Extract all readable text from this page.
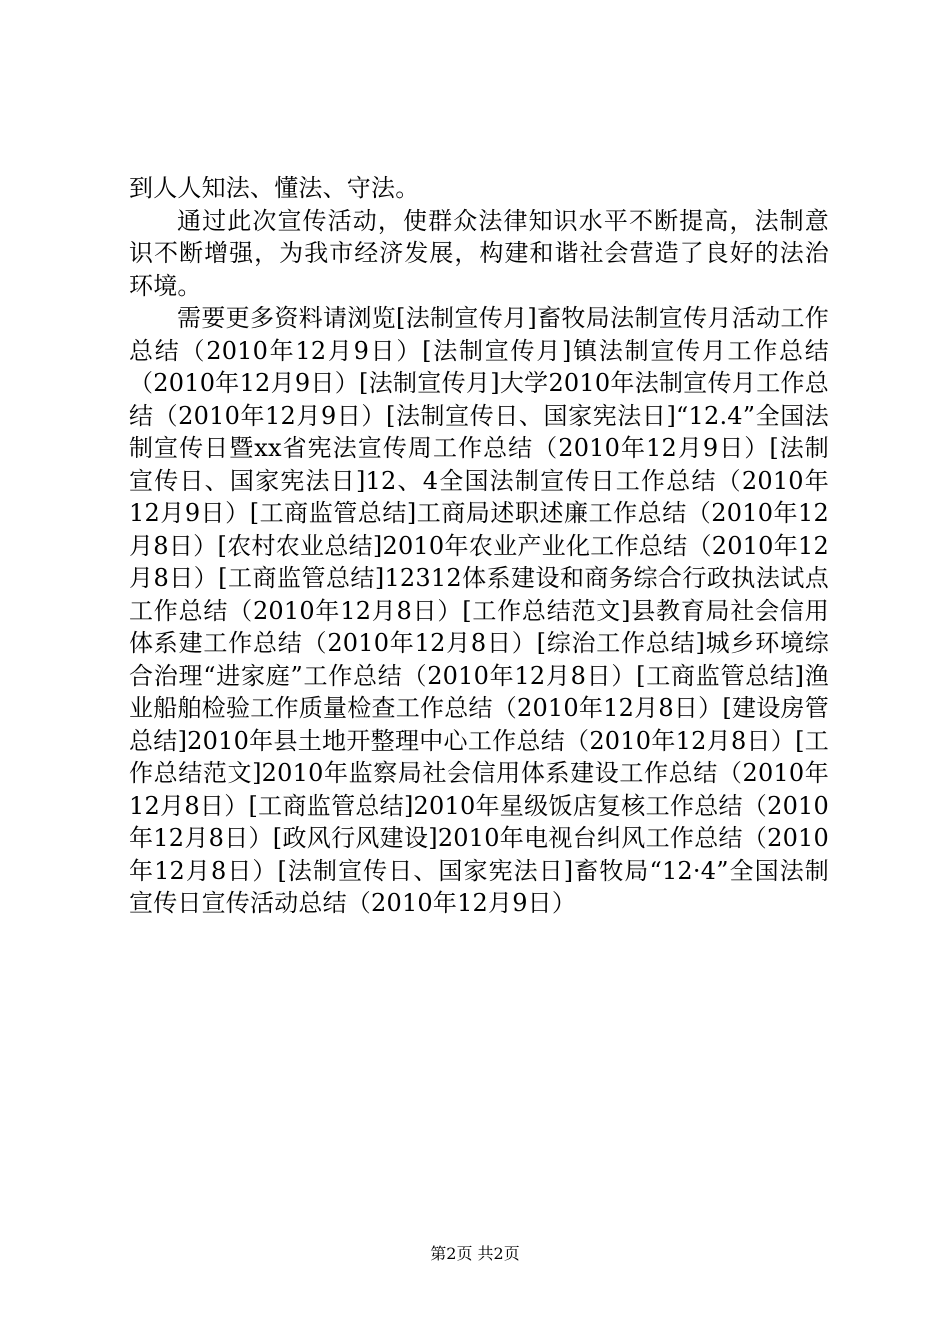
到人人知法、懂法、守法。

通过此次宣传活动，使群众法律知识水平不断提高，法制意识不断增强，为我市经济发展，构建和谐社会营造了良好的法治环境。

需要更多资料请浏览[法制宣传月]畜牧局法制宣传月活动工作总结（2010年12月9日）[法制宣传月]镇法制宣传月工作总结（2010年12月9日）[法制宣传月]大学2010年法制宣传月工作总结（2010年12月9日）[法制宣传日、国家宪法日]“12.4”全国法制宣传日暨xx省宪法宣传周工作总结（2010年12月9日）[法制宣传日、国家宪法日]12、4全国法制宣传日工作总结（2010年12月9日）[工商监管总结]工商局述职述廉工作总结（2010年12月8日）[农村农业总结]2010年农业产业化工作总结（2010年12月8日）[工商监管总结]12312体系建设和商务综合行政执法试点工作总结（2010年12月8日）[工作总结范文]县教育局社会信用体系建工作总结（2010年12月8日）[综治工作总结]城乡环境综合治理“进家庭”工作总结（2010年12月8日）[工商监管总结]渔业船舶检验工作质量检查工作总结（2010年12月8日）[建设房管总结]2010年县土地开整理中心工作总结（2010年12月8日）[工作总结范文]2010年监察局社会信用体系建设工作总结（2010年12月8日）[工商监管总结]2010年星级饭店复核工作总结（2010年12月8日）[政风行风建设]2010年电视台纠风工作总结（2010年12月8日）[法制宣传日、国家宪法日]畜牧局“12·4”全国法制宣传日宣传活动总结（2010年12月9日）

第2页 共2页
